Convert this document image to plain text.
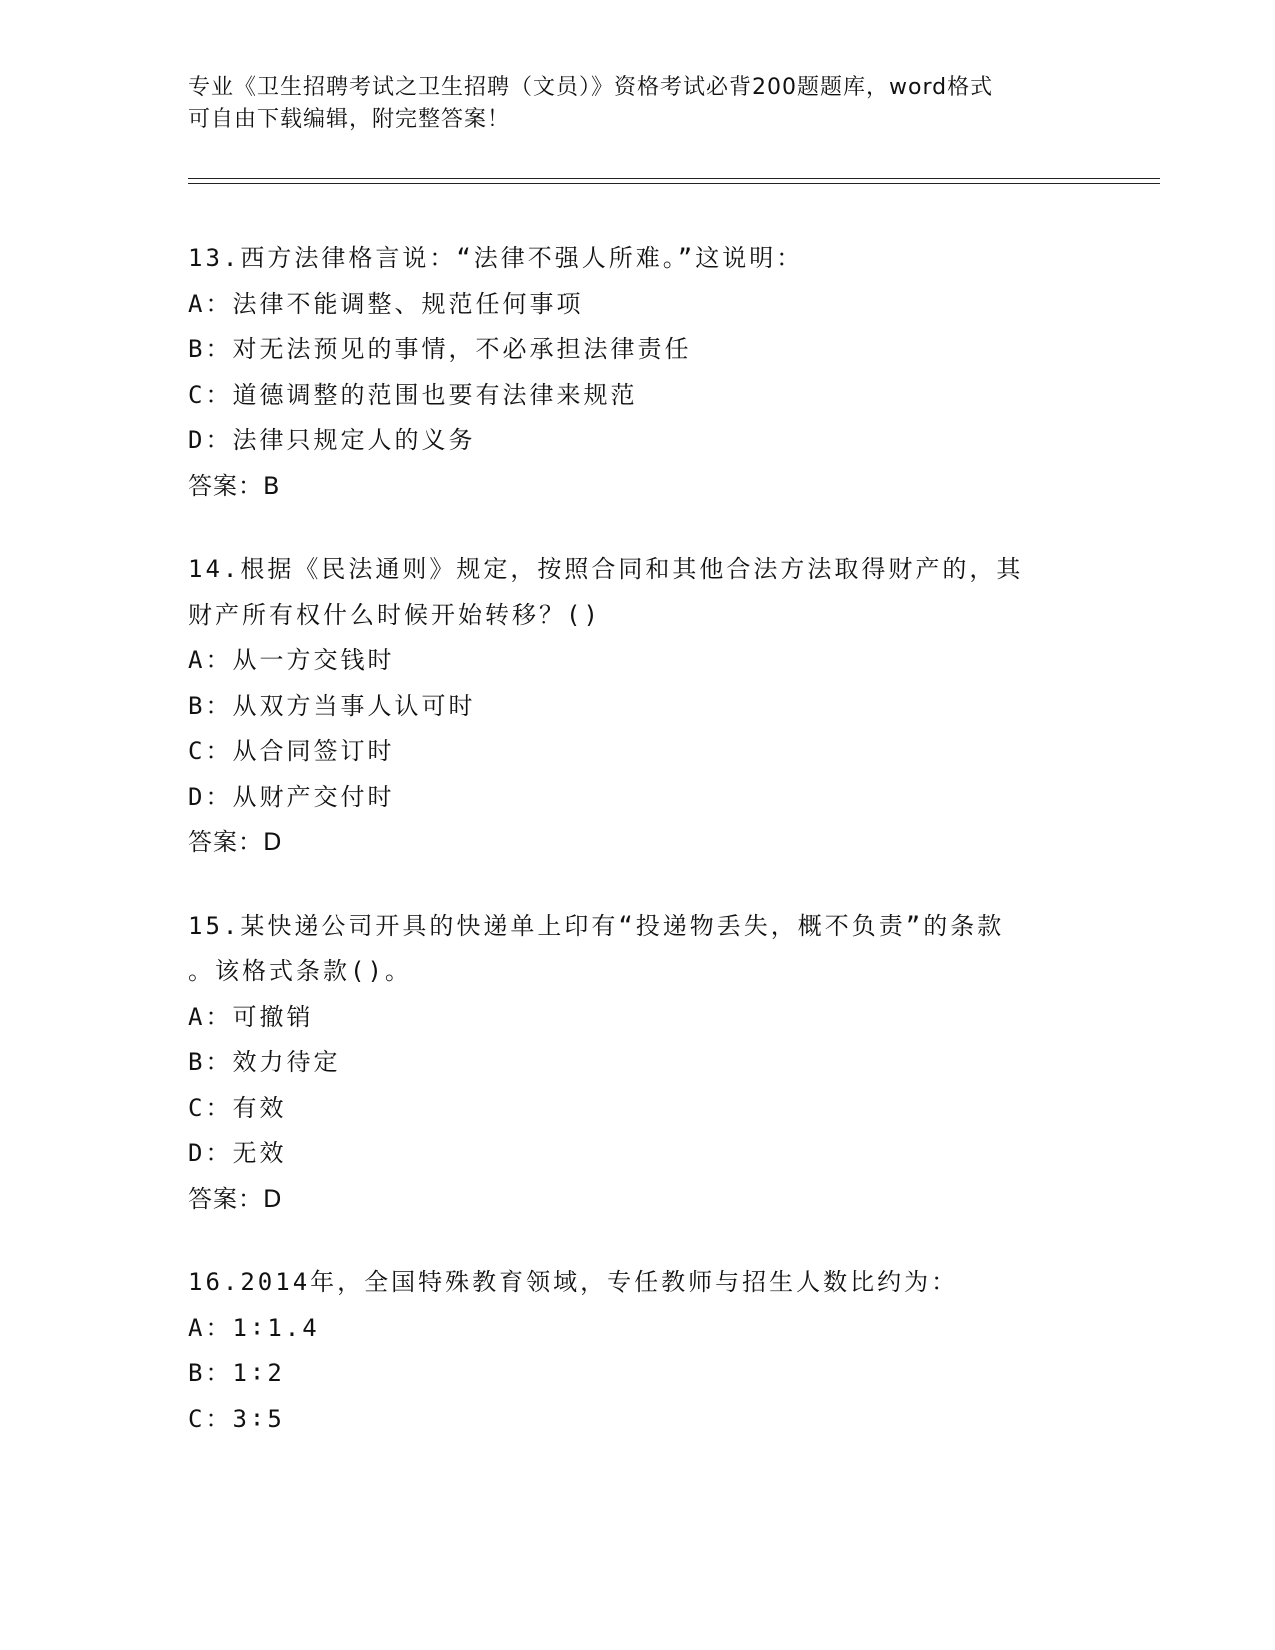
专业《卫生招聘考试之卫生招聘（文员）》资格考试必背200题题库，word格式
可自由下载编辑，附完整答案！
13.西方法律格言说：“法律不强人所难。”这说明：
A：法律不能调整、规范任何事项
B：对无法预见的事情，不必承担法律责任
C：道德调整的范围也要有法律来规范
D：法律只规定人的义务
答案：B
14.根据《民法通则》规定，按照合同和其他合法方法取得财产的，其
财产所有权什么时候开始转移？()
A：从一方交钱时
B：从双方当事人认可时
C：从合同签订时
D：从财产交付时
答案：D
15.某快递公司开具的快递单上印有“投递物丢失，概不负责”的条款
。该格式条款()。
A：可撤销
B：效力待定
C：有效
D：无效
答案：D
16.2014年，全国特殊教育领域，专任教师与招生人数比约为：
A：1∶1.4
B：1∶2
C：3∶5
